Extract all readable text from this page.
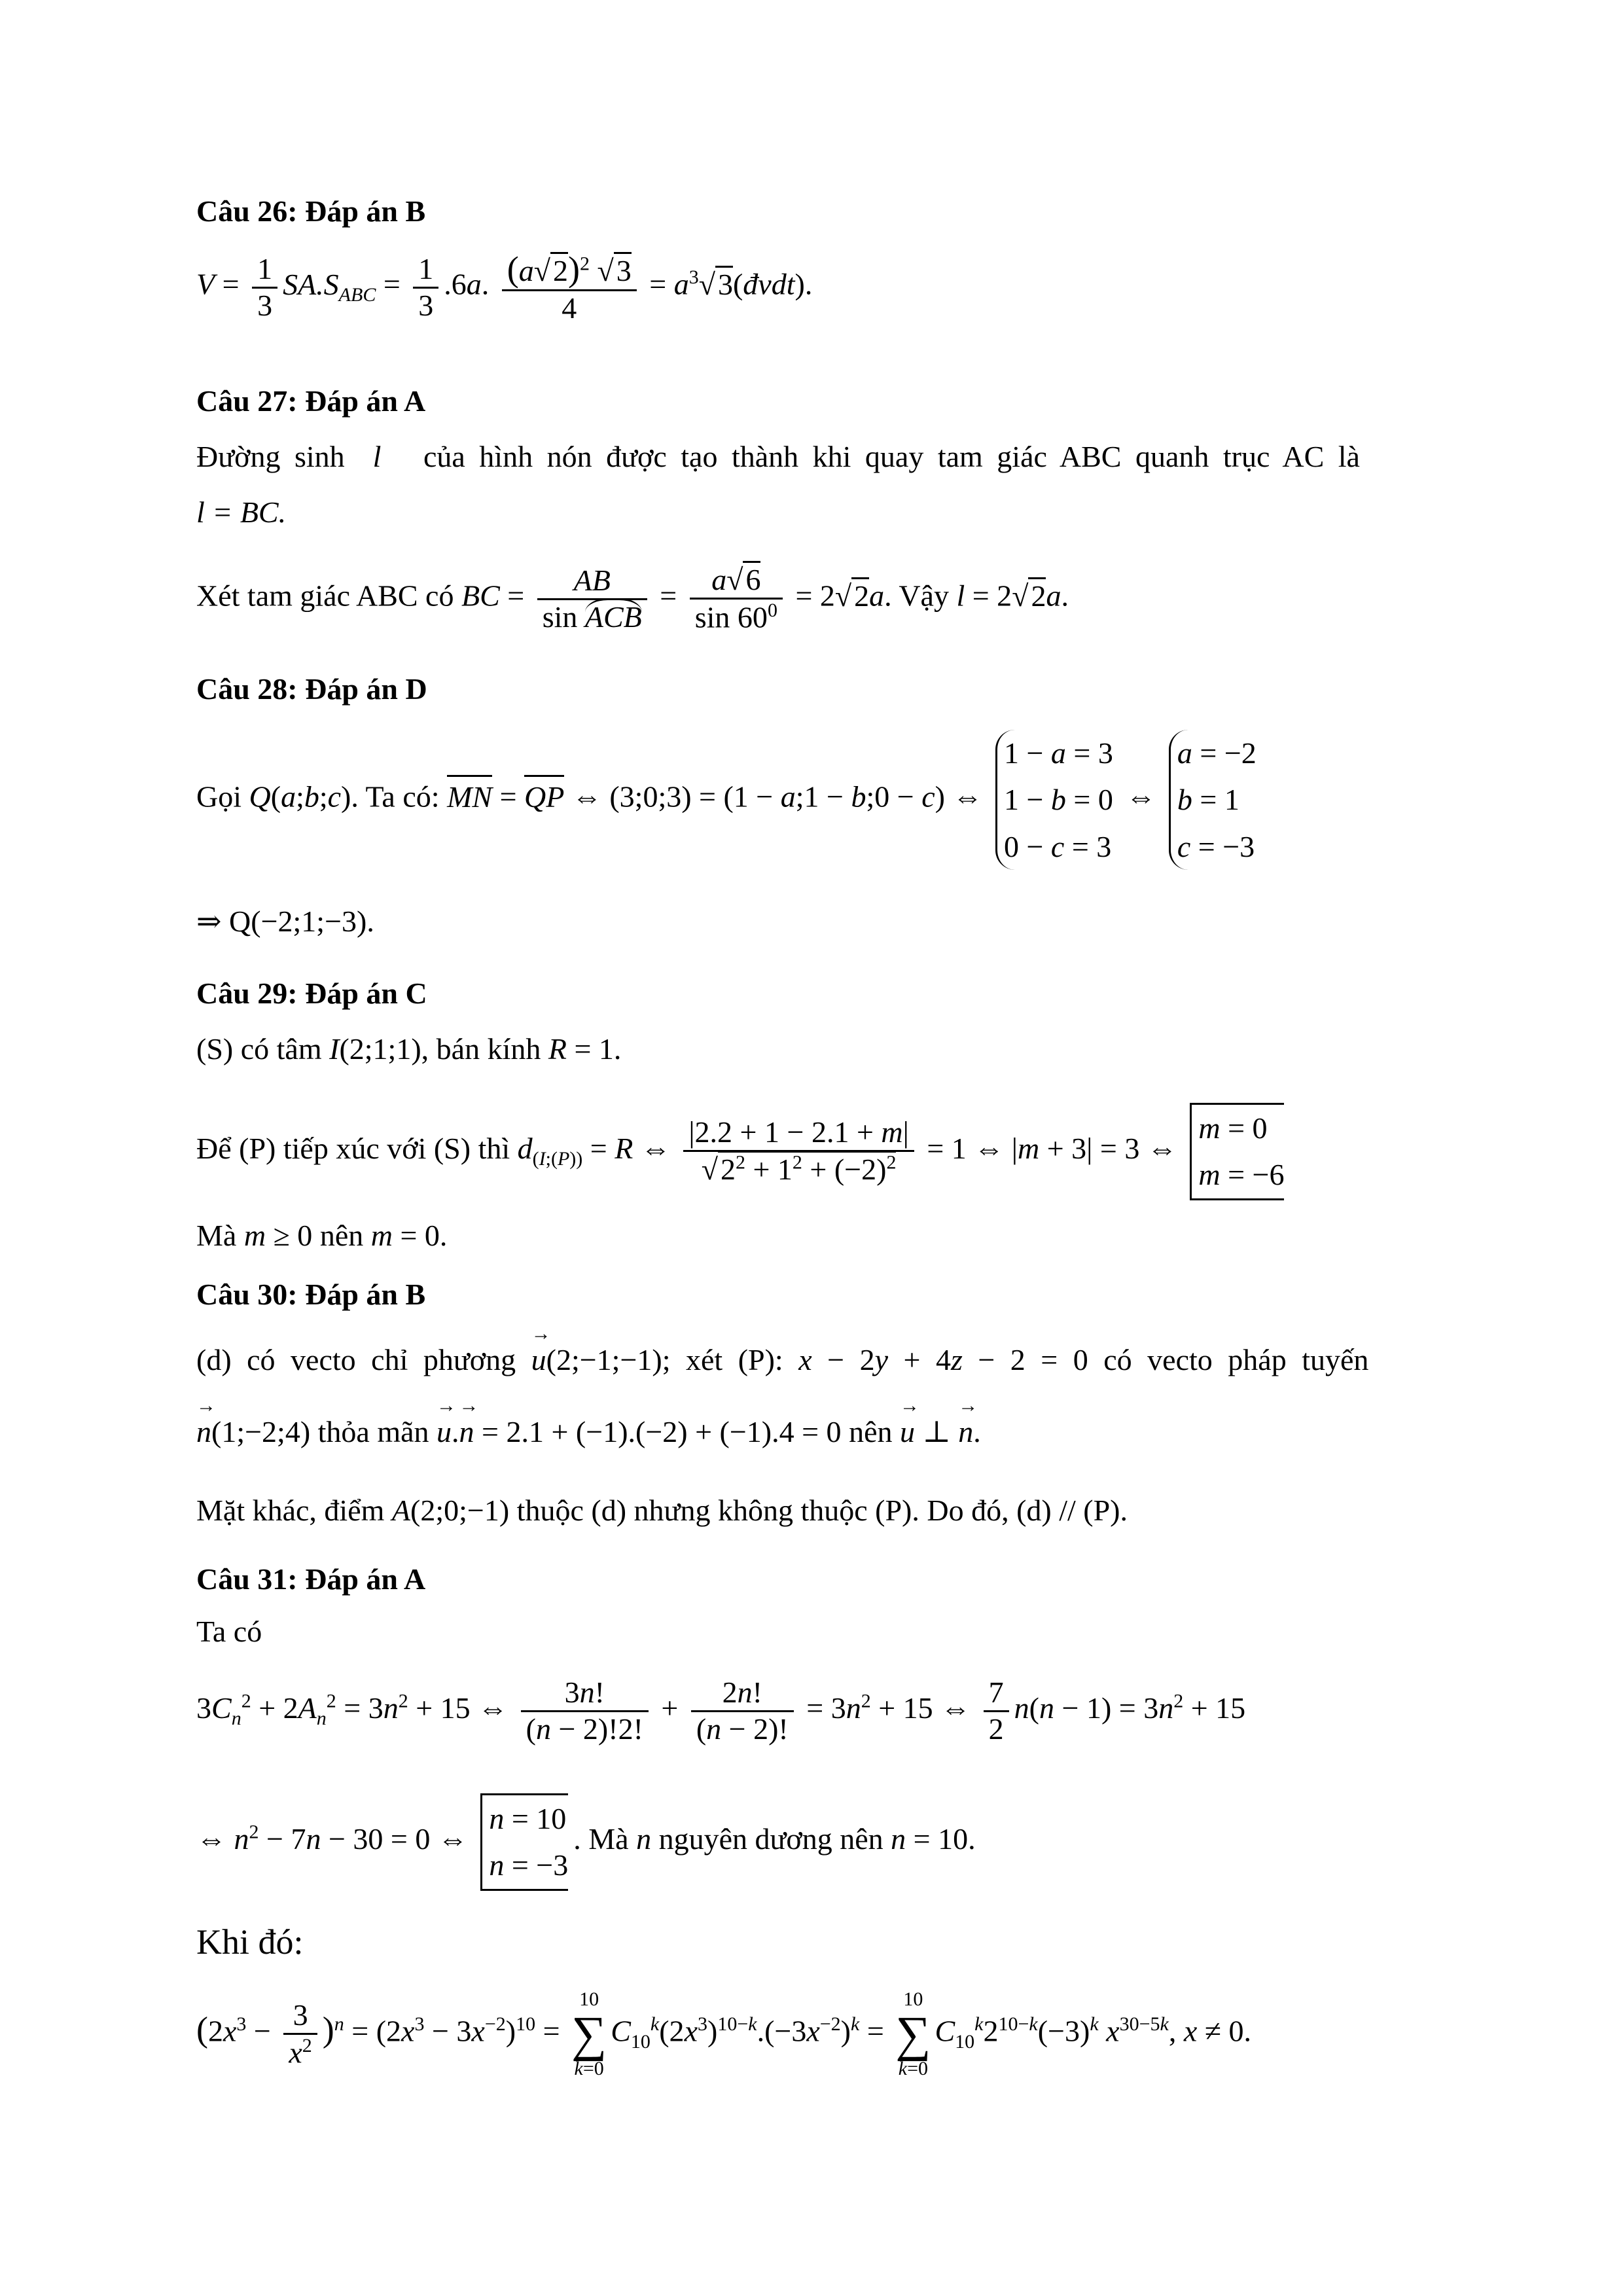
Câu 26: Đáp án B
$V = \frac{1}{3} SA.S_{ABC} = \frac{1}{3} .6a$. $\frac{(a√ 2)^2 √ 3}{4} = a^3√$ 3(đvdt).
Câu 27: Đáp án A
Đường sinh  l   của hình nón được tạo thành khi quay tam giác ABC quanh trục AC là
l = BC.
Xét tam giác ABC có BC = $\frac{AB}{\text{sin ACB}} = \frac{a√ 6}{\sin 60^0} = 2√$ 2a. Vậy l = 2√ 2a.
Câu 28: Đáp án D
Gọi Q(a;b;c). Ta có: MN = QP ⇔ (3;0;3) = (1 − a;1 − b;0 − c) ⇔
1 − a = 3
1 − b = 0
0 − c = 3
⇔
a = −2
b = 1
c = −3
⇒ Q(−2;1;−3).
Câu 29: Đáp án C
(S) có tâm I(2;1;1), bán kính R = 1.
Để (P) tiếp xúc với (S) thì $d_{(I;(P))} = R$ ⇔ |2.2 + 1 − 2.1 + m|
√ $2^2 + 1^2 + (-2)^2 = 1$ ⇔ |m + 3| = 3 ⇔
m = 0
m = −6
Mà m ≥ 0 nên m = 0.
Câu 30: Đáp án B
(d) có vecto chỉ phương u →(2;−1;−1); xét (P): x − 2y + 4z − 2 = 0 có vecto pháp tuyến
n →(1;−2;4) thỏa mãn u →.n → = 2.1 + (−1).(−2) + (−1).4 = 0 nên u → ⊥ n →.
Mặt khác, điểm A(2;0;−1) thuộc (d) nhưng không thuộc (P). Do đó, (d) // (P).
Câu 31: Đáp án A
Ta có
$3C_n^2 + 2A_n^2 = 3n^2 + 15$ ⇔ $\frac{3n!}{(n - 2)!2!} + \frac{2n!}{(n - 2)!} = 3n^2 + 15$ ⇔ $\frac{7}{2} n(n - 1) = 3n^2 + 15$
⇔ $n^2 - 7n - 30 = 0$ ⇔
n = 10
n = −3
. Mà n nguyên dương nên n = 10.
Khi đó:
$(2x^3 - \frac{3}{x^2} )^n = (2x^3 - 3x^{-2})^{10}$ =
10
∑
k=0
$C_{10}^k(2x^3)^{10-k}.(-3x^{-2})^k$ =
10
∑
k=0
$C_{10}^k2^{10-k}(-3)^k$ $x^{30-5k}$, x ≠ 0.
